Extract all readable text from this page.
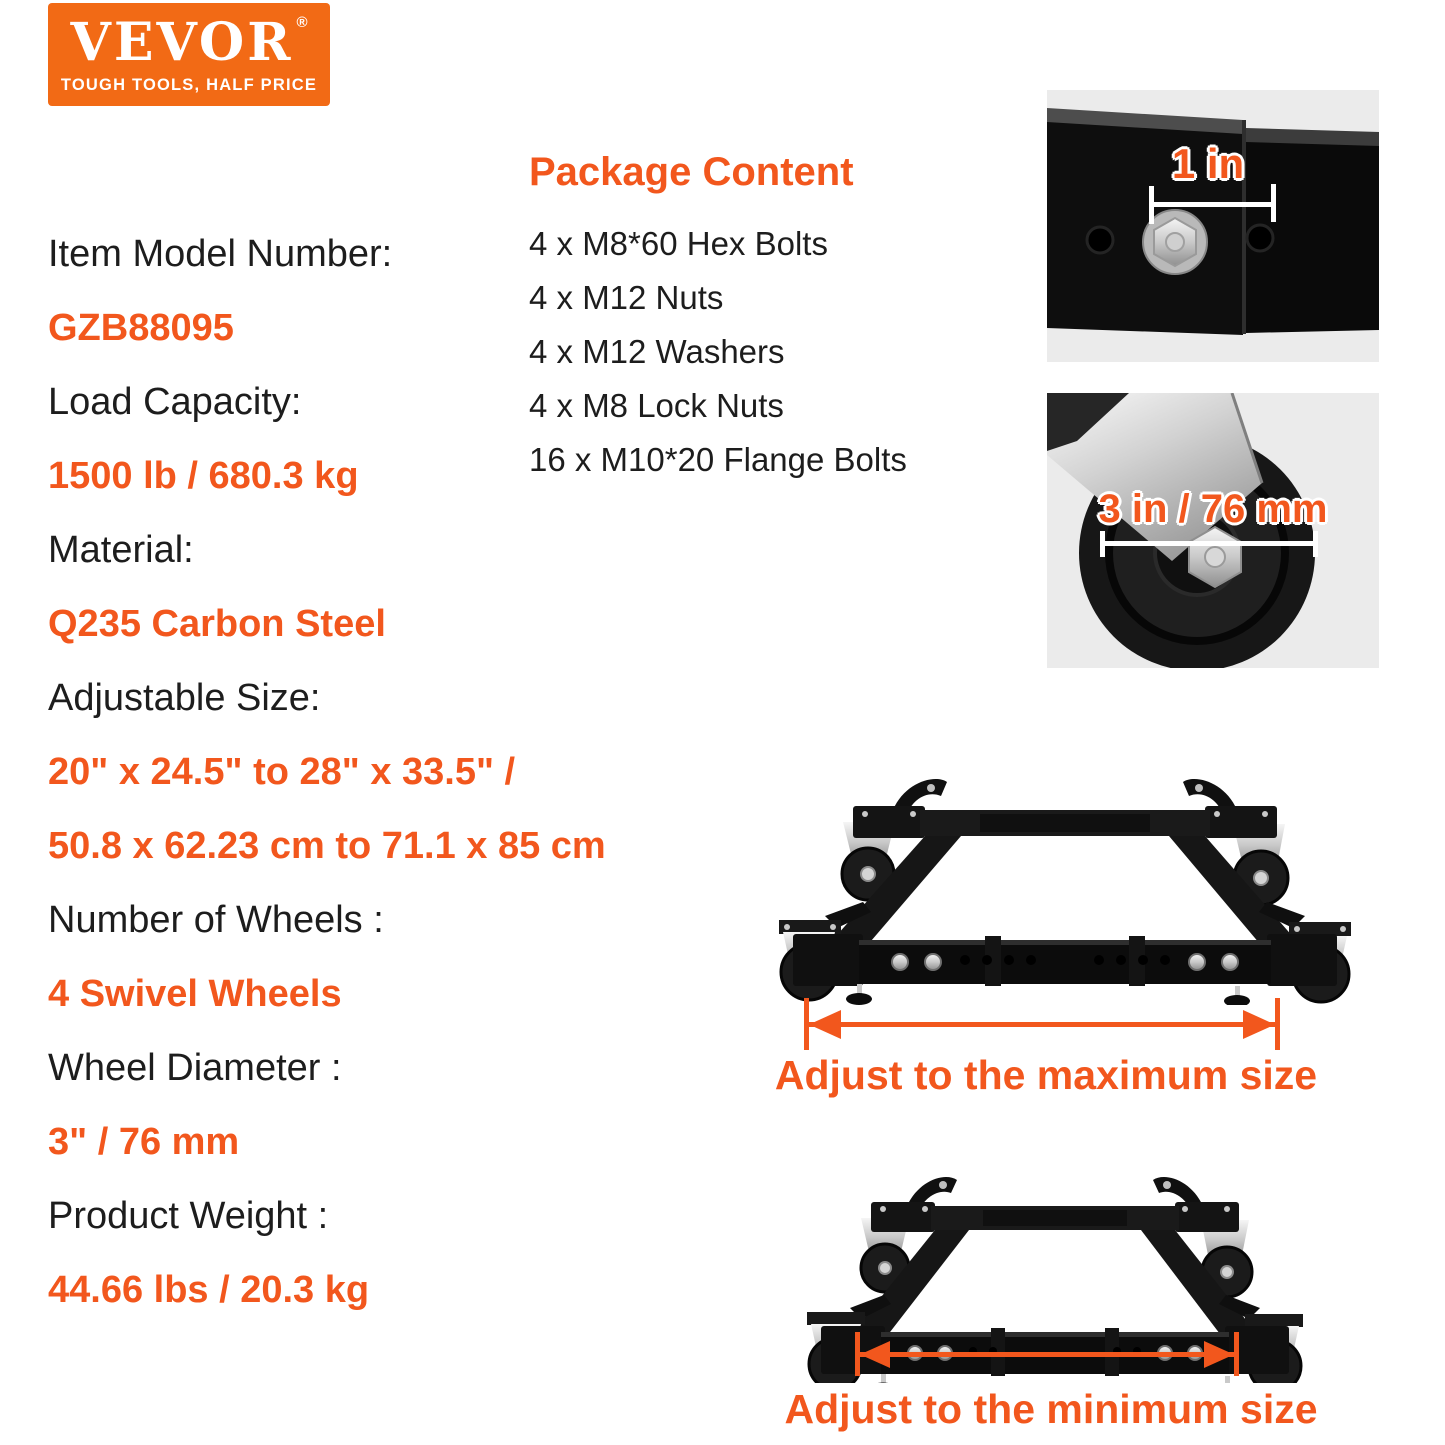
VEVOR ®
TOUGH TOOLS, HALF PRICE
Item Model Number:
GZB88095
Load Capacity:
1500 lb / 680.3 kg
Material:
Q235 Carbon Steel
Adjustable Size:
20" x 24.5" to 28" x 33.5" /
50.8 x 62.23 cm to 71.1 x 85 cm
Number of Wheels :
4 Swivel Wheels
Wheel Diameter :
3" / 76 mm
Product Weight :
44.66 lbs / 20.3 kg
Package Content
4 x M8*60 Hex Bolts
4 x M12 Nuts
4 x M12 Washers
4 x M8 Lock Nuts
16 x M10*20 Flange Bolts
1 in
3 in / 76 mm
Adjust to the maximum size
Adjust to the minimum size
